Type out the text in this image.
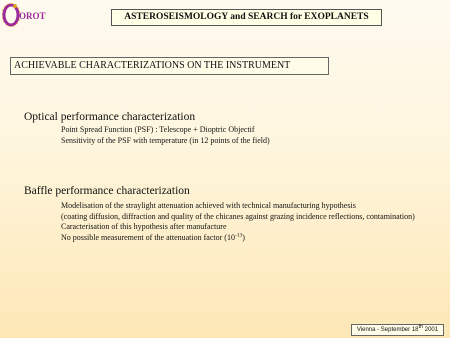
OROT	ASTEROSEISMOLOGY and SEARCH for EXOPLANETS
ACHIEVABLE CHARACTERIZATIONS ON THE INSTRUMENT
Optical performance characterization
Point Spread Function (PSF) : Telescope + Dioptric Objectif
Sensitivity of the PSF with temperature (in 12 points of the field)
Baffle performance characterization
Modelisation of the straylight attenuation achieved with technical manufacturing hypothesis
(coating diffusion, diffraction and quality of the chicanes against grazing incidence reflections, contamination)
Caracterisation of this hypothesis after manufacture
No possible measurement of the attenuation factor $(10^{-13})$
Vienna - September 18th 2001
